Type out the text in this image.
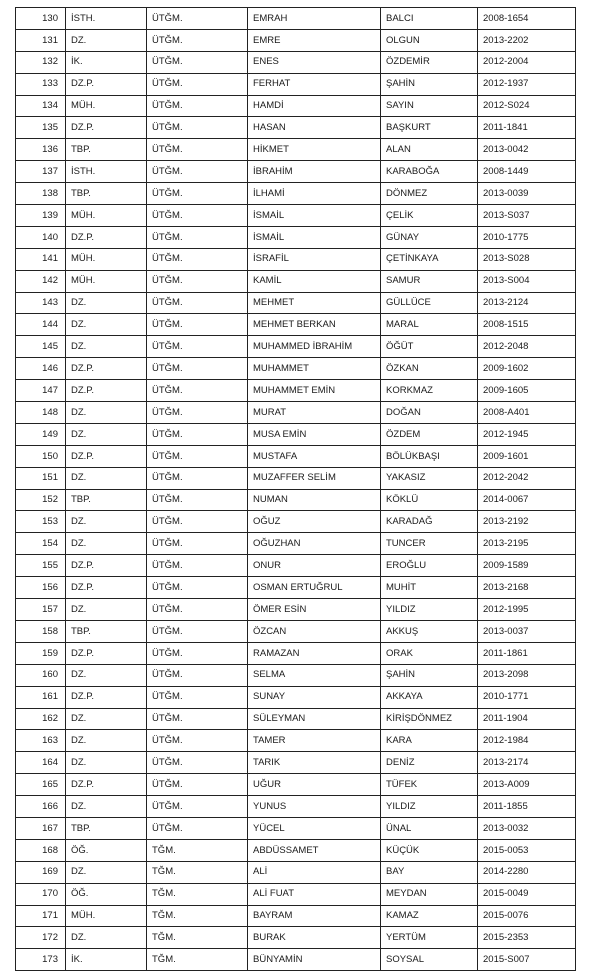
130	İSTH.	ÜTĞM.	EMRAH	BALCI	2008-1654
131	DZ.	ÜTĞM.	EMRE	OLGUN	2013-2202
132	İK.	ÜTĞM.	ENES	ÖZDEMİR	2012-2004
133	DZ.P.	ÜTĞM.	FERHAT	ŞAHİN	2012-1937
134	MÜH.	ÜTĞM.	HAMDİ	SAYIN	2012-S024
135	DZ.P.	ÜTĞM.	HASAN	BAŞKURT	2011-1841
136	TBP.	ÜTĞM.	HİKMET	ALAN	2013-0042
137	İSTH.	ÜTĞM.	İBRAHİM	KARABOĞA	2008-1449
138	TBP.	ÜTĞM.	İLHAMİ	DÖNMEZ	2013-0039
139	MÜH.	ÜTĞM.	İSMAİL	ÇELİK	2013-S037
140	DZ.P.	ÜTĞM.	İSMAİL	GÜNAY	2010-1775
141	MÜH.	ÜTĞM.	İSRAFİL	ÇETİNKAYA	2013-S028
142	MÜH.	ÜTĞM.	KAMİL	SAMUR	2013-S004
143	DZ.	ÜTĞM.	MEHMET	GÜLLÜCE	2013-2124
144	DZ.	ÜTĞM.	MEHMET BERKAN	MARAL	2008-1515
145	DZ.	ÜTĞM.	MUHAMMED İBRAHİM	ÖĞÜT	2012-2048
146	DZ.P.	ÜTĞM.	MUHAMMET	ÖZKAN	2009-1602
147	DZ.P.	ÜTĞM.	MUHAMMET EMİN	KORKMAZ	2009-1605
148	DZ.	ÜTĞM.	MURAT	DOĞAN	2008-A401
149	DZ.	ÜTĞM.	MUSA EMİN	ÖZDEM	2012-1945
150	DZ.P.	ÜTĞM.	MUSTAFA	BÖLÜKBAŞI	2009-1601
151	DZ.	ÜTĞM.	MUZAFFER SELİM	YAKASIZ	2012-2042
152	TBP.	ÜTĞM.	NUMAN	KÖKLÜ	2014-0067
153	DZ.	ÜTĞM.	OĞUZ	KARADAĞ	2013-2192
154	DZ.	ÜTĞM.	OĞUZHAN	TUNCER	2013-2195
155	DZ.P.	ÜTĞM.	ONUR	EROĞLU	2009-1589
156	DZ.P.	ÜTĞM.	OSMAN ERTUĞRUL	MUHİT	2013-2168
157	DZ.	ÜTĞM.	ÖMER ESİN	YILDIZ	2012-1995
158	TBP.	ÜTĞM.	ÖZCAN	AKKUŞ	2013-0037
159	DZ.P.	ÜTĞM.	RAMAZAN	ORAK	2011-1861
160	DZ.	ÜTĞM.	SELMA	ŞAHİN	2013-2098
161	DZ.P.	ÜTĞM.	SUNAY	AKKAYA	2010-1771
162	DZ.	ÜTĞM.	SÜLEYMAN	KİRİŞDÖNMEZ	2011-1904
163	DZ.	ÜTĞM.	TAMER	KARA	2012-1984
164	DZ.	ÜTĞM.	TARIK	DENİZ	2013-2174
165	DZ.P.	ÜTĞM.	UĞUR	TÜFEK	2013-A009
166	DZ.	ÜTĞM.	YUNUS	YILDIZ	2011-1855
167	TBP.	ÜTĞM.	YÜCEL	ÜNAL	2013-0032
168	ÖĞ.	TĞM.	ABDÜSSAMET	KÜÇÜK	2015-0053
169	DZ.	TĞM.	ALİ	BAY	2014-2280
170	ÖĞ.	TĞM.	ALİ FUAT	MEYDAN	2015-0049
171	MÜH.	TĞM.	BAYRAM	KAMAZ	2015-0076
172	DZ.	TĞM.	BURAK	YERTÜM	2015-2353
173	İK.	TĞM.	BÜNYAMİN	SOYSAL	2015-S007
